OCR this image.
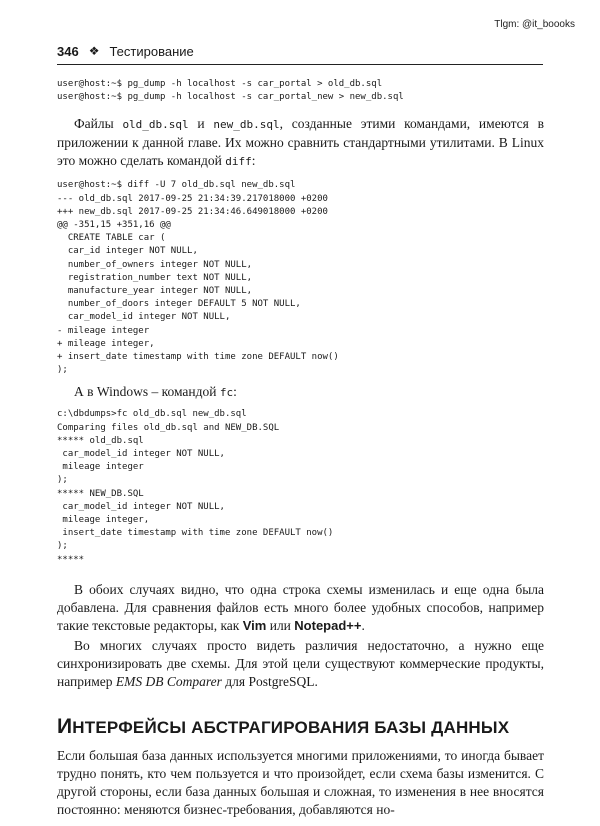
Tlgm: @it_boooks
346 ❖ Тестирование
user@host:~$ pg_dump -h localhost -s car_portal > old_db.sql
user@host:~$ pg_dump -h localhost -s car_portal_new > new_db.sql

Файлы old_db.sql и new_db.sql, созданные этими командами, имеются в приложении к данной главе. Их можно сравнить стандартными утилитами. В Linux это можно сделать командой diff:

user@host:~$ diff -U 7 old_db.sql new_db.sql
--- old_db.sql 2017-09-25 21:34:39.217018000 +0200
+++ new_db.sql 2017-09-25 21:34:46.649018000 +0200
@@ -351,15 +351,16 @@
CREATE TABLE car (
car_id integer NOT NULL,
number_of_owners integer NOT NULL,
registration_number text NOT NULL,
manufacture_year integer NOT NULL,
number_of_doors integer DEFAULT 5 NOT NULL,
car_model_id integer NOT NULL,
- mileage integer
+ mileage integer,
+ insert_date timestamp with time zone DEFAULT now()
);

А в Windows – командой fc:

c:\dbdumps>fc old_db.sql new_db.sql
Comparing files old_db.sql and NEW_DB.SQL
***** old_db.sql
car_model_id integer NOT NULL,
mileage integer
);
***** NEW_DB.SQL
car_model_id integer NOT NULL,
mileage integer,
insert_date timestamp with time zone DEFAULT now()
);
*****

В обоих случаях видно, что одна строка схемы изменилась и еще одна была добавлена. Для сравнения файлов есть много более удобных способов, например такие текстовые редакторы, как Vim или Notepad++.

Во многих случаях просто видеть различия недостаточно, а нужно еще синхронизировать две схемы. Для этой цели существуют коммерческие продукты, например EMS DB Comparer для PostgreSQL.

ИНТЕРФЕЙСЫ АБСТРАГИРОВАНИЯ БАЗЫ ДАННЫХ

Если большая база данных используется многими приложениями, то иногда бывает трудно понять, кто чем пользуется и что произойдет, если схема базы изменится. С другой стороны, если база данных большая и сложная, то изменения в нее вносятся постоянно: меняются бизнес-требования, добавляются но-
